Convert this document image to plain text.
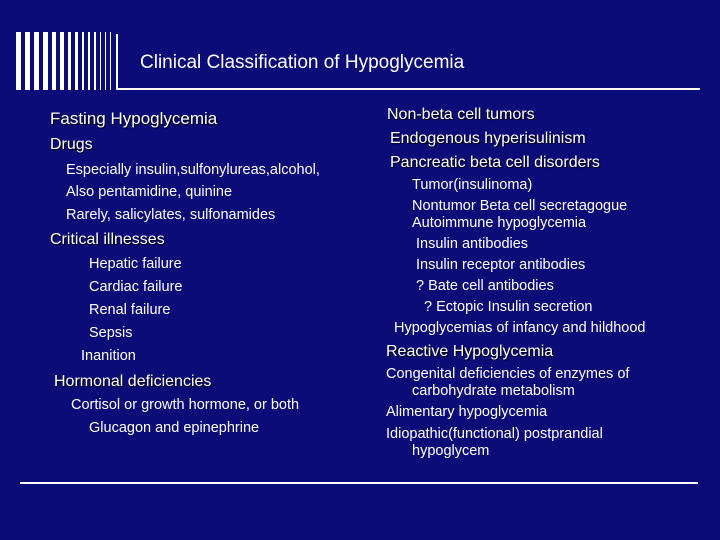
Clinical Classification of Hypoglycemia
Fasting Hypoglycemia
Drugs
Especially insulin,sulfonylureas,alcohol,
Also pentamidine, quinine
Rarely, salicylates, sulfonamides
Critical illnesses
Hepatic failure
Cardiac failure
Renal failure
Sepsis
Inanition
Hormonal deficiencies
Cortisol or growth hormone, or both
Glucagon and epinephrine
Non-beta cell tumors
Endogenous hyperisulinism
Pancreatic beta cell disorders
Tumor(insulinoma)
Nontumor Beta cell secretagogue
Autoimmune hypoglycemia
Insulin antibodies
Insulin receptor antibodies
? Bate cell antibodies
? Ectopic Insulin secretion
Hypoglycemias of infancy and hildhood
Reactive Hypoglycemia
Congenital deficiencies of enzymes of
carbohydrate metabolism
Alimentary hypoglycemia
Idiopathic(functional) postprandial
hypoglycem
